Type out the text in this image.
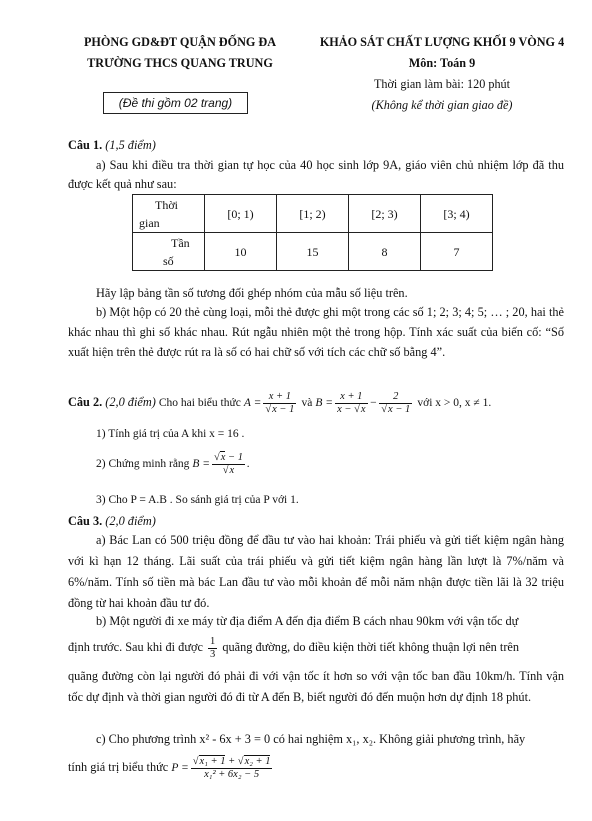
PHÒNG GD&ĐT QUẬN ĐỐNG ĐA
TRƯỜNG THCS QUANG TRUNG
KHẢO SÁT CHẤT LƯỢNG KHỐI 9 VÒNG 4
Môn: Toán 9
Thời gian làm bài: 120 phút
(Không kể thời gian giao đề)
(Đề thi gồm 02 trang)
Câu 1. (1,5 điểm)
a) Sau khi điều tra thời gian tự học của 40 học sinh lớp 9A, giáo viên chủ nhiệm lớp đã thu được kết quả như sau:
Thời
gian	[0; 1)	[1; 2)	[2; 3)	[3; 4)

Tần
số	10	15	8	7
Hãy lập bảng tần số tương đối ghép nhóm của mẫu số liệu trên.
b) Một hộp có 20 thẻ cùng loại, mỗi thẻ được ghi một trong các số 1; 2; 3; 4; 5; … ; 20, hai thẻ khác nhau thì ghi số khác nhau. Rút ngẫu nhiên một thẻ trong hộp. Tính xác suất của biến cố: “Số xuất hiện trên thẻ được rút ra là số có hai chữ số với tích các chữ số bằng 4”.
Câu 2. (2,0 điểm) Cho hai biểu thức $A = \frac{x + 1}{√x - 1}$ và $B = \frac{x + 1}{x - √x} - \frac{2}{√x - 1}$ với x > 0, x ≠ 1.
1) Tính giá trị của A khi x = 16 .
2) Chứng minh rằng $B = \frac{√x - 1}{√x}$ .
3) Cho P = A.B . So sánh giá trị của P với 1.
Câu 3. (2,0 điểm)
a) Bác Lan có 500 triệu đồng để đầu tư vào hai khoản: Trái phiếu và gửi tiết kiệm ngân hàng với kì hạn 12 tháng. Lãi suất của trái phiếu và gửi tiết kiệm ngân hàng lần lượt là 7%/năm và 6%/năm. Tính số tiền mà bác Lan đầu tư vào mỗi khoản để mỗi năm nhận được tiền lãi là 32 triệu đồng từ hai khoản đầu tư đó.
b) Một người đi xe máy từ địa điểm A đến địa điểm B cách nhau 90km với vận tốc dự
định trước. Sau khi đi được $\frac{1}{3}$ quãng đường, do điều kiện thời tiết không thuận lợi nên trên
quãng đường còn lại người đó phải đi với vận tốc ít hơn so với vận tốc ban đầu 10km/h. Tính vận tốc dự định và thời gian người đó đi từ A đến B, biết người đó đến muộn hơn dự định 18 phút.
c) Cho phương trình x² - 6x + 3 = 0 có hai nghiệm x₁, x₂. Không giải phương trình, hãy
tính giá trị biểu thức $P = \frac{\text{√x₁ + 1 + √x₂ + 1}}{\text{x₁² + 6x₂ − 5}}$
